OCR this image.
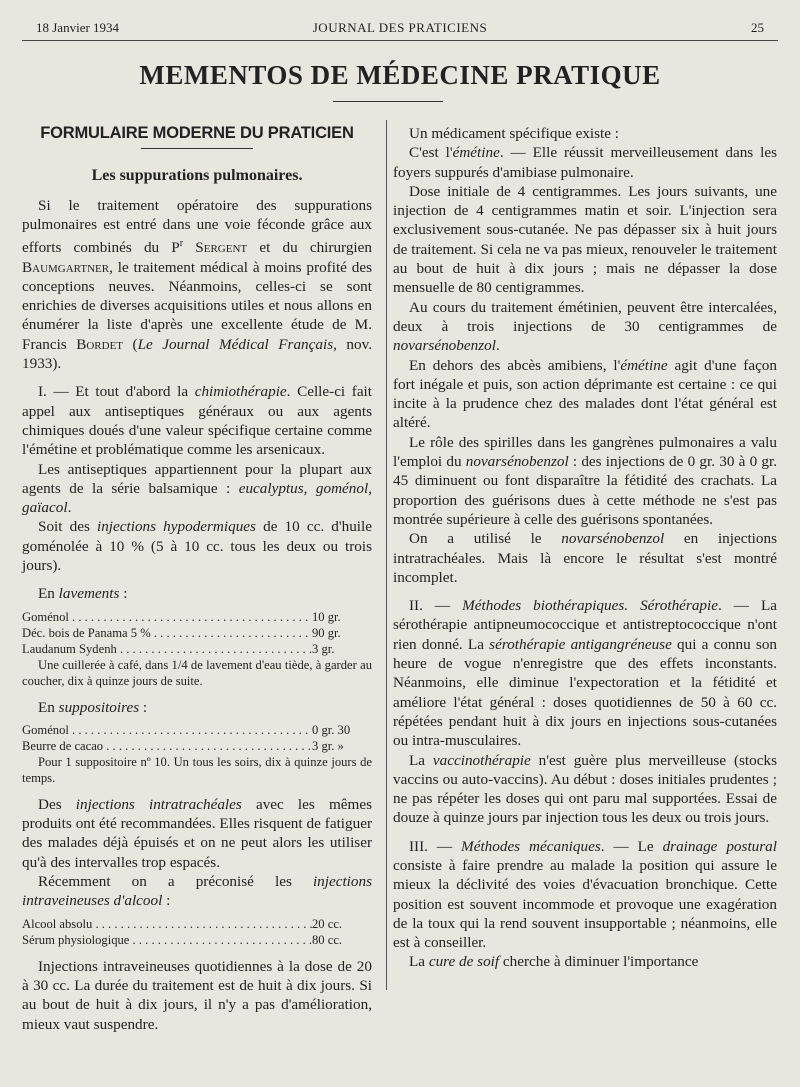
18 Janvier 1934	JOURNAL DES PRATICIENS	25
MEMENTOS DE MÉDECINE PRATIQUE
FORMULAIRE MODERNE DU PRATICIEN
Les suppurations pulmonaires.

Si le traitement opératoire des suppurations pulmonaires est entré dans une voie féconde grâce aux efforts combinés du $P^r$ Sergent et du chirurgien Baumgartner, le traitement médical à moins profité des conceptions neuves. Néanmoins, celles-ci se sont enrichies de diverses acquisitions utiles et nous allons en énumérer la liste d'après une excellente étude de M. Francis Bordet (Le Journal Médical Français, nov. 1933).

I. — Et tout d'abord la chimiothérapie. Celle-ci fait appel aux antiseptiques généraux ou aux agents chimiques doués d'une valeur spécifique certaine comme l'émétine et problématique comme les arsenicaux.

Les antiseptiques appartiennent pour la plupart aux agents de la série balsamique : eucalyptus, goménol, gaïacol.

Soit des injections hypodermiques de 10 cc. d'huile goménolée à 10 % (5 à 10 cc. tous les deux ou trois jours).

En lavements :

Goménol . . .	10 gr.
Déc. bois de Panama 5 % . . .	90 gr.
Laudanum Sydenh . . .	3 gr.

Une cuillerée à café, dans 1/4 de lavement d'eau tiède, à garder au coucher, dix à quinze jours de suite.

En suppositoires :

Goménol . . .	0 gr. 30
Beurre de cacao . . .	3 gr. »

Pour 1 suppositoire nº 10. Un tous les soirs, dix à quinze jours de temps.

Des injections intratrachéales avec les mêmes produits ont été recommandées. Elles risquent de fatiguer des malades déjà épuisés et on ne peut alors les utiliser qu'à des intervalles trop espacés.

Récemment on a préconisé les injections intraveineuses d'alcool :

Alcool absolu . . .	20 cc.
Sérum physiologique . . .	80 cc.

Injections intraveineuses quotidiennes à la dose de 20 à 30 cc. La durée du traitement est de huit à dix jours. Si au bout de huit à dix jours, il n'y a pas d'amélioration, mieux vaut suspendre.

Un médicament spécifique existe :

C'est l'émétine. — Elle réussit merveilleusement dans les foyers suppurés d'amibiase pulmonaire.

Dose initiale de 4 centigrammes. Les jours suivants, une injection de 4 centigrammes matin et soir. L'injection sera exclusivement sous-cutanée. Ne pas dépasser six à huit jours de traitement. Si cela ne va pas mieux, renouveler le traitement au bout de huit à dix jours ; mais ne dépasser la dose mensuelle de 80 centigrammes.

Au cours du traitement émétinien, peuvent être intercalées, deux à trois injections de 30 centigrammes de novarsénobenzol.

En dehors des abcès amibiens, l'émétine agit d'une façon fort inégale et puis, son action déprimante est certaine : ce qui incite à la prudence chez des malades dont l'état général est altéré.

Le rôle des spirilles dans les gangrènes pulmonaires a valu l'emploi du novarsénobenzol : des injections de 0 gr. 30 à 0 gr. 45 diminuent ou font disparaître la fétidité des crachats. La proportion des guérisons dues à cette méthode ne s'est pas montrée supérieure à celle des guérisons spontanées.

On a utilisé le novarsénobenzol en injections intratrachéales. Mais là encore le résultat s'est montré incomplet.

II. — Méthodes biothérapiques. Sérothérapie. — La sérothérapie antipneumococcique et antistreptococcique n'ont rien donné. La sérothérapie antigangréneuse qui a connu son heure de vogue n'enregistre que des effets inconstants. Néanmoins, elle diminue l'expectoration et la fétidité et améliore l'état général : doses quotidiennes de 50 à 60 cc. répétées pendant huit à dix jours en injections sous-cutanées ou intra-musculaires.

La vaccinothérapie n'est guère plus merveilleuse (stocks vaccins ou auto-vaccins). Au début : doses initiales prudentes ; ne pas répéter les doses qui ont paru mal supportées. Essai de douze à quinze jours par injection tous les deux ou trois jours.

III. — Méthodes mécaniques. — Le drainage postural consiste à faire prendre au malade la position qui assure le mieux la déclivité des voies d'évacuation bronchique. Cette position est souvent incommode et provoque une exagération de la toux qui la rend souvent insupportable ; néanmoins, elle est à conseiller.

La cure de soif cherche à diminuer l'importance
